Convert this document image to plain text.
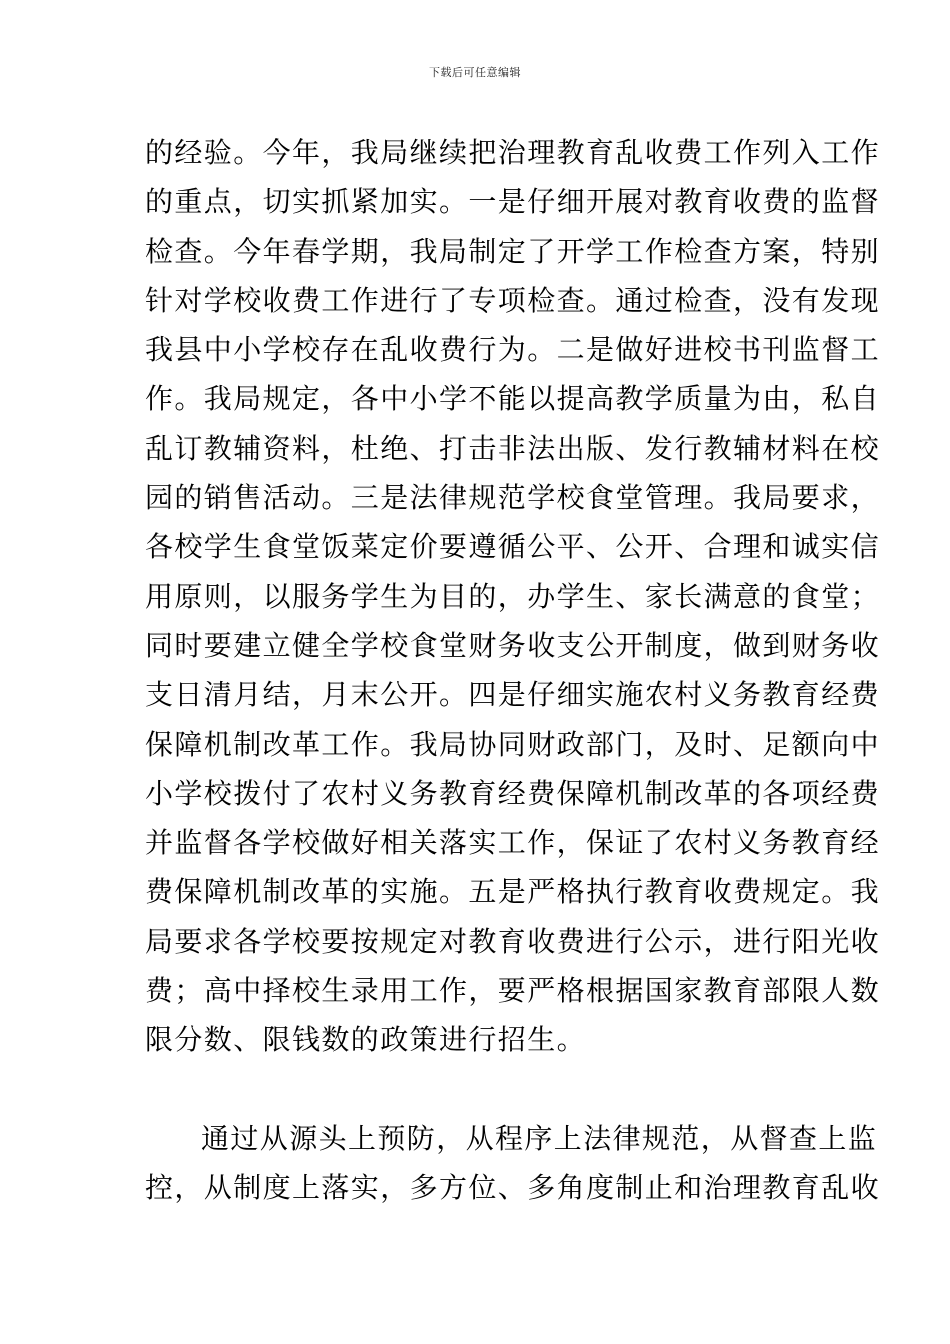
下载后可任意编辑
的经验。今年，我局继续把治理教育乱收费工作列入工作
的重点，切实抓紧加实。一是仔细开展对教育收费的监督
检查。今年春学期，我局制定了开学工作检查方案，特别
针对学校收费工作进行了专项检查。通过检查，没有发现
我县中小学校存在乱收费行为。二是做好进校书刊监督工
作。我局规定，各中小学不能以提高教学质量为由，私自
乱订教辅资料，杜绝、打击非法出版、发行教辅材料在校
园的销售活动。三是法律规范学校食堂管理。我局要求，
各校学生食堂饭菜定价要遵循公平、公开、合理和诚实信
用原则，以服务学生为目的，办学生、家长满意的食堂；
同时要建立健全学校食堂财务收支公开制度，做到财务收
支日清月结，月末公开。四是仔细实施农村义务教育经费
保障机制改革工作。我局协同财政部门，及时、足额向中
小学校拨付了农村义务教育经费保障机制改革的各项经费
并监督各学校做好相关落实工作，保证了农村义务教育经
费保障机制改革的实施。五是严格执行教育收费规定。我
局要求各学校要按规定对教育收费进行公示，进行阳光收
费；高中择校生录用工作，要严格根据国家教育部限人数
限分数、限钱数的政策进行招生。
通过从源头上预防，从程序上法律规范，从督查上监
控，从制度上落实，多方位、多角度制止和治理教育乱收
